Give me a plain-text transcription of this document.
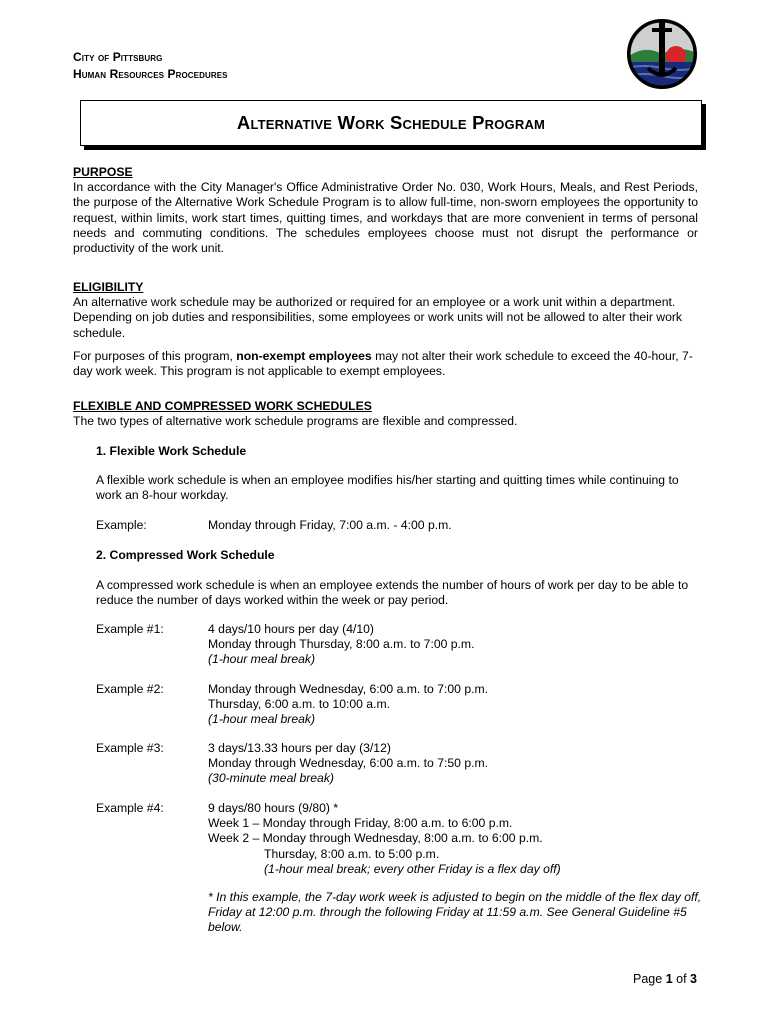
City of Pittsburg
Human Resources Procedures
Alternative Work Schedule Program
PURPOSE

In accordance with the City Manager's Office Administrative Order No. 030, Work Hours, Meals, and Rest Periods, the purpose of the Alternative Work Schedule Program is to allow full-time, non-sworn employees the opportunity to request, within limits, work start times, quitting times, and workdays that are more convenient in terms of personal needs and commuting conditions. The schedules employees choose must not disrupt the performance or productivity of the work unit.

ELIGIBILITY

An alternative work schedule may be authorized or required for an employee or a work unit within a department. Depending on job duties and responsibilities, some employees or work units will not be allowed to alter their work schedule.

For purposes of this program, non-exempt employees may not alter their work schedule to exceed the 40-hour, 7-day work week. This program is not applicable to exempt employees.

FLEXIBLE AND COMPRESSED WORK SCHEDULES

The two types of alternative work schedule programs are flexible and compressed.

1. Flexible Work Schedule
A flexible work schedule is when an employee modifies his/her starting and quitting times while continuing to work an 8-hour workday.
Example:	Monday through Friday, 7:00 a.m. - 4:00 p.m.
2. Compressed Work Schedule
A compressed work schedule is when an employee extends the number of hours of work per day to be able to reduce the number of days worked within the week or pay period.
Example #1:	4 days/10 hours per day (4/10)
Monday through Thursday, 8:00 a.m. to 7:00 p.m.
(1-hour meal break)
Example #2:	Monday through Wednesday, 6:00 a.m. to 7:00 p.m.
Thursday, 6:00 a.m. to 10:00 a.m.
(1-hour meal break)
Example #3:	3 days/13.33 hours per day (3/12)
Monday through Wednesday, 6:00 a.m. to 7:50 p.m.
(30-minute meal break)
Example #4:	9 days/80 hours (9/80) *
Week 1 – Monday through Friday, 8:00 a.m. to 6:00 p.m.
Week 2 – Monday through Wednesday, 8:00 a.m. to 6:00 p.m.
Thursday, 8:00 a.m. to 5:00 p.m.
(1-hour meal break; every other Friday is a flex day off)
* In this example, the 7-day work week is adjusted to begin on the middle of the flex day off, Friday at 12:00 p.m. through the following Friday at 11:59 a.m. See General Guideline #5 below.
Page 1 of 3
